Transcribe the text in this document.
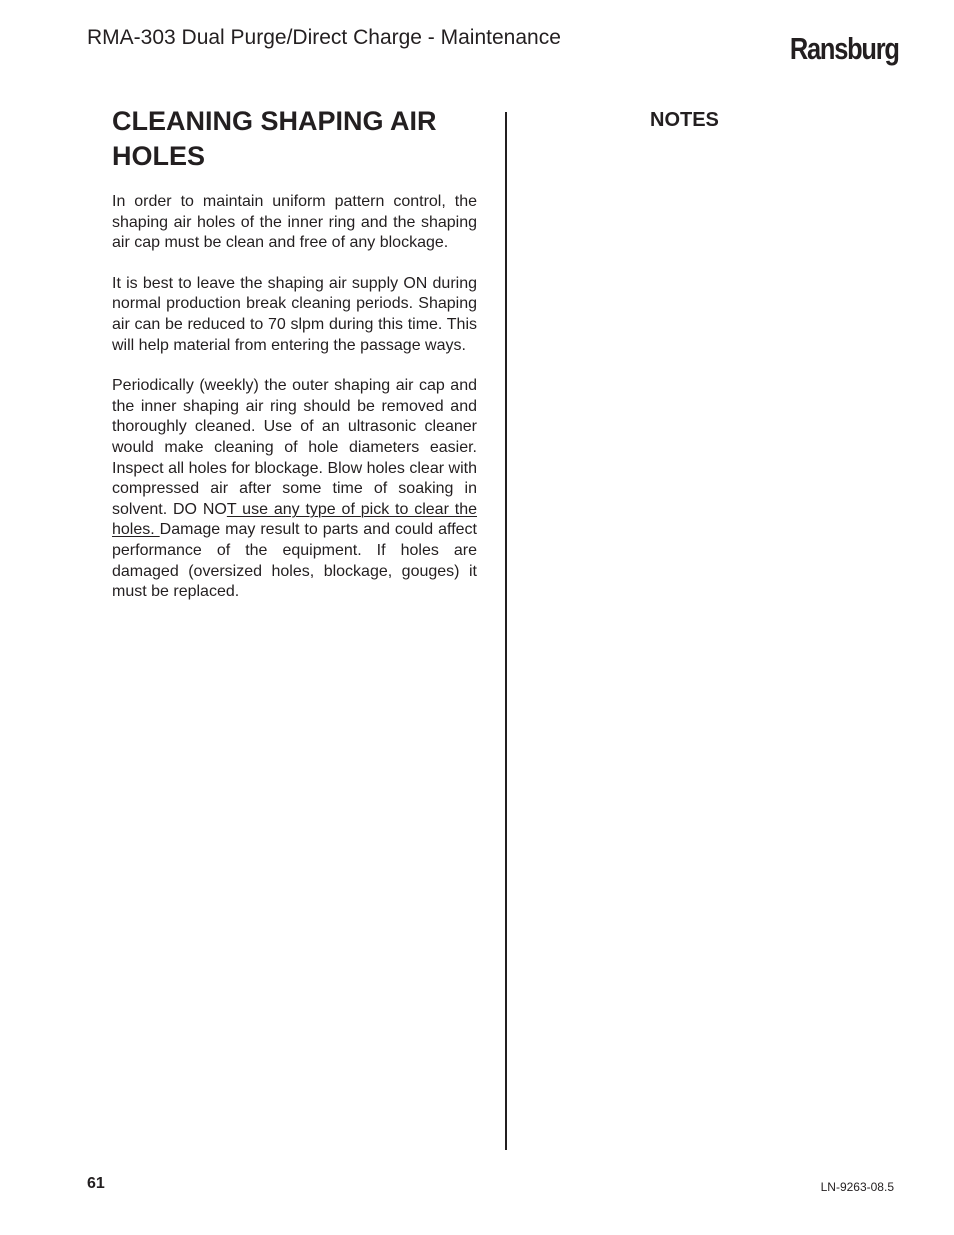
RMA-303 Dual Purge/Direct Charge - Maintenance	Ransburg
CLEANING SHAPING AIR HOLES

In order to maintain uniform pattern control, the shaping air holes of the inner ring and the shaping air cap must be clean and free of any blockage.

It is best to leave the shaping air supply ON during normal production break cleaning periods. Shaping air can be reduced to 70 slpm during this time. This will help material from entering the passage ways.

Periodically (weekly) the outer shaping air cap and the inner shaping air ring should be removed and thoroughly cleaned. Use of an ultrasonic cleaner would make cleaning of hole diameters easier. Inspect all holes for blockage. Blow holes clear with compressed air after some time of soaking in solvent. DO NOT use any type of pick to clear the holes. Damage may result to parts and could affect performance of the equipment. If holes are damaged (oversized holes, blockage, gouges) it must be replaced.

NOTES
61	LN-9263-08.5
